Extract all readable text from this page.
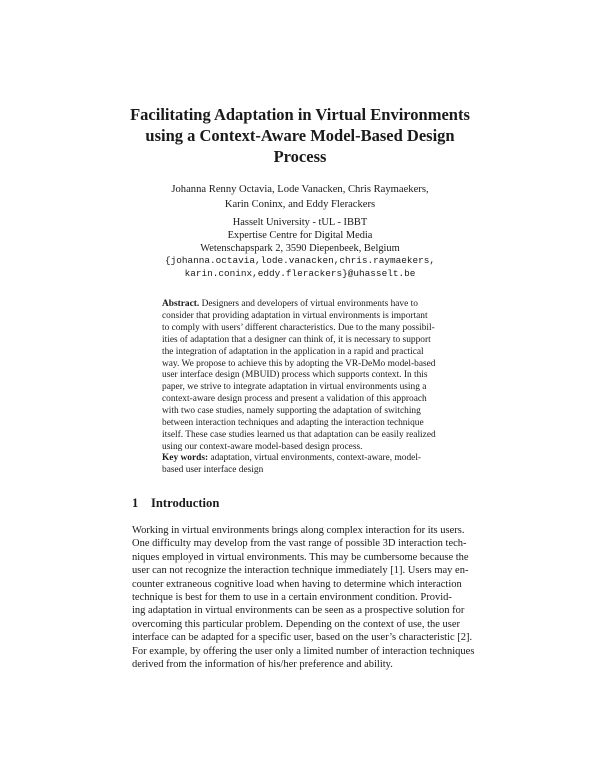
Facilitating Adaptation in Virtual Environments
using a Context-Aware Model-Based Design
Process
Johanna Renny Octavia, Lode Vanacken, Chris Raymaekers,
Karin Coninx, and Eddy Flerackers
Hasselt University - tUL - IBBT
Expertise Centre for Digital Media
Wetenschapspark 2, 3590 Diepenbeek, Belgium
{johanna.octavia,lode.vanacken,chris.raymaekers,
karin.coninx,eddy.flerackers}@uhasselt.be
Abstract. Designers and developers of virtual environments have to
consider that providing adaptation in virtual environments is important
to comply with users’ different characteristics. Due to the many possibil-
ities of adaptation that a designer can think of, it is necessary to support
the integration of adaptation in the application in a rapid and practical
way. We propose to achieve this by adopting the VR-DeMo model-based
user interface design (MBUID) process which supports context. In this
paper, we strive to integrate adaptation in virtual environments using a
context-aware design process and present a validation of this approach
with two case studies, namely supporting the adaptation of switching
between interaction techniques and adapting the interaction technique
itself. These case studies learned us that adaptation can be easily realized
using our context-aware model-based design process.
Key words: adaptation, virtual environments, context-aware, model-
based user interface design
1 Introduction
Working in virtual environments brings along complex interaction for its users.
One difficulty may develop from the vast range of possible 3D interaction tech-
niques employed in virtual environments. This may be cumbersome because the
user can not recognize the interaction technique immediately [1]. Users may en-
counter extraneous cognitive load when having to determine which interaction
technique is best for them to use in a certain environment condition. Provid-
ing adaptation in virtual environments can be seen as a prospective solution for
overcoming this particular problem. Depending on the context of use, the user
interface can be adapted for a specific user, based on the user’s characteristic [2].
For example, by offering the user only a limited number of interaction techniques
derived from the information of his/her preference and ability.
